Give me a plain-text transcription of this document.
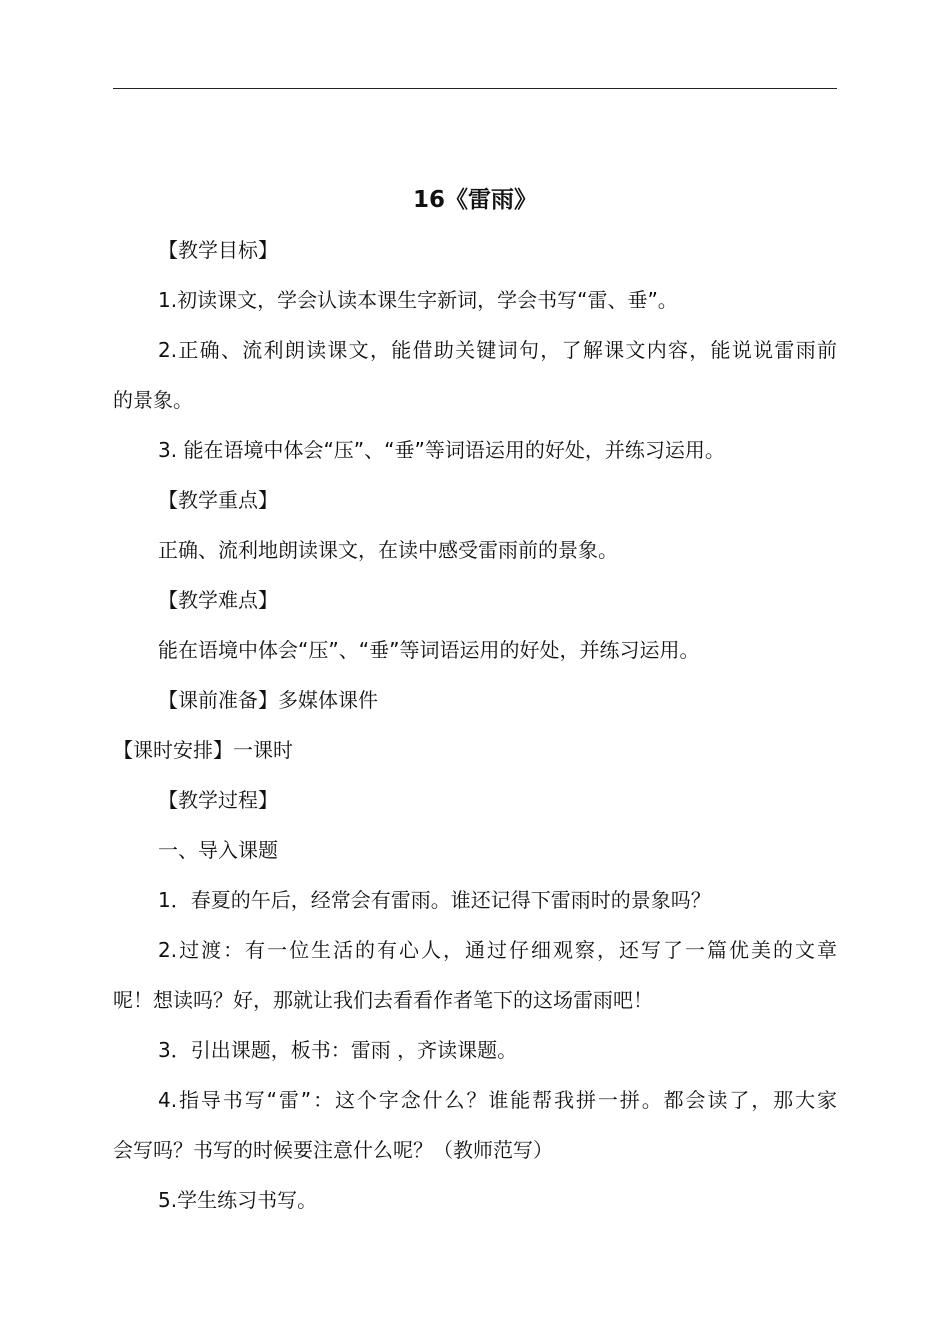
16《雷雨》
【教学目标】
1.初读课文，学会认读本课生字新词，学会书写“雷、垂”。
2.正确、流利朗读课文，能借助关键词句，了解课文内容，能说说雷雨前
的景象。
3. 能在语境中体会“压”、“垂”等词语运用的好处，并练习运用。
【教学重点】
正确、流利地朗读课文，在读中感受雷雨前的景象。
【教学难点】
能在语境中体会“压”、“垂”等词语运用的好处，并练习运用。
【课前准备】多媒体课件
【课时安排】一课时
【教学过程】
一、导入课题
1．春夏的午后，经常会有雷雨。谁还记得下雷雨时的景象吗？
2.过渡：有一位生活的有心人，通过仔细观察，还写了一篇优美的文章
呢！想读吗？好，那就让我们去看看作者笔下的这场雷雨吧！
3．引出课题，板书：雷雨 ，齐读课题。
4.指导书写“雷”：这个字念什么？谁能帮我拼一拼。都会读了，那大家
会写吗？书写的时候要注意什么呢？（教师范写）
5.学生练习书写。
